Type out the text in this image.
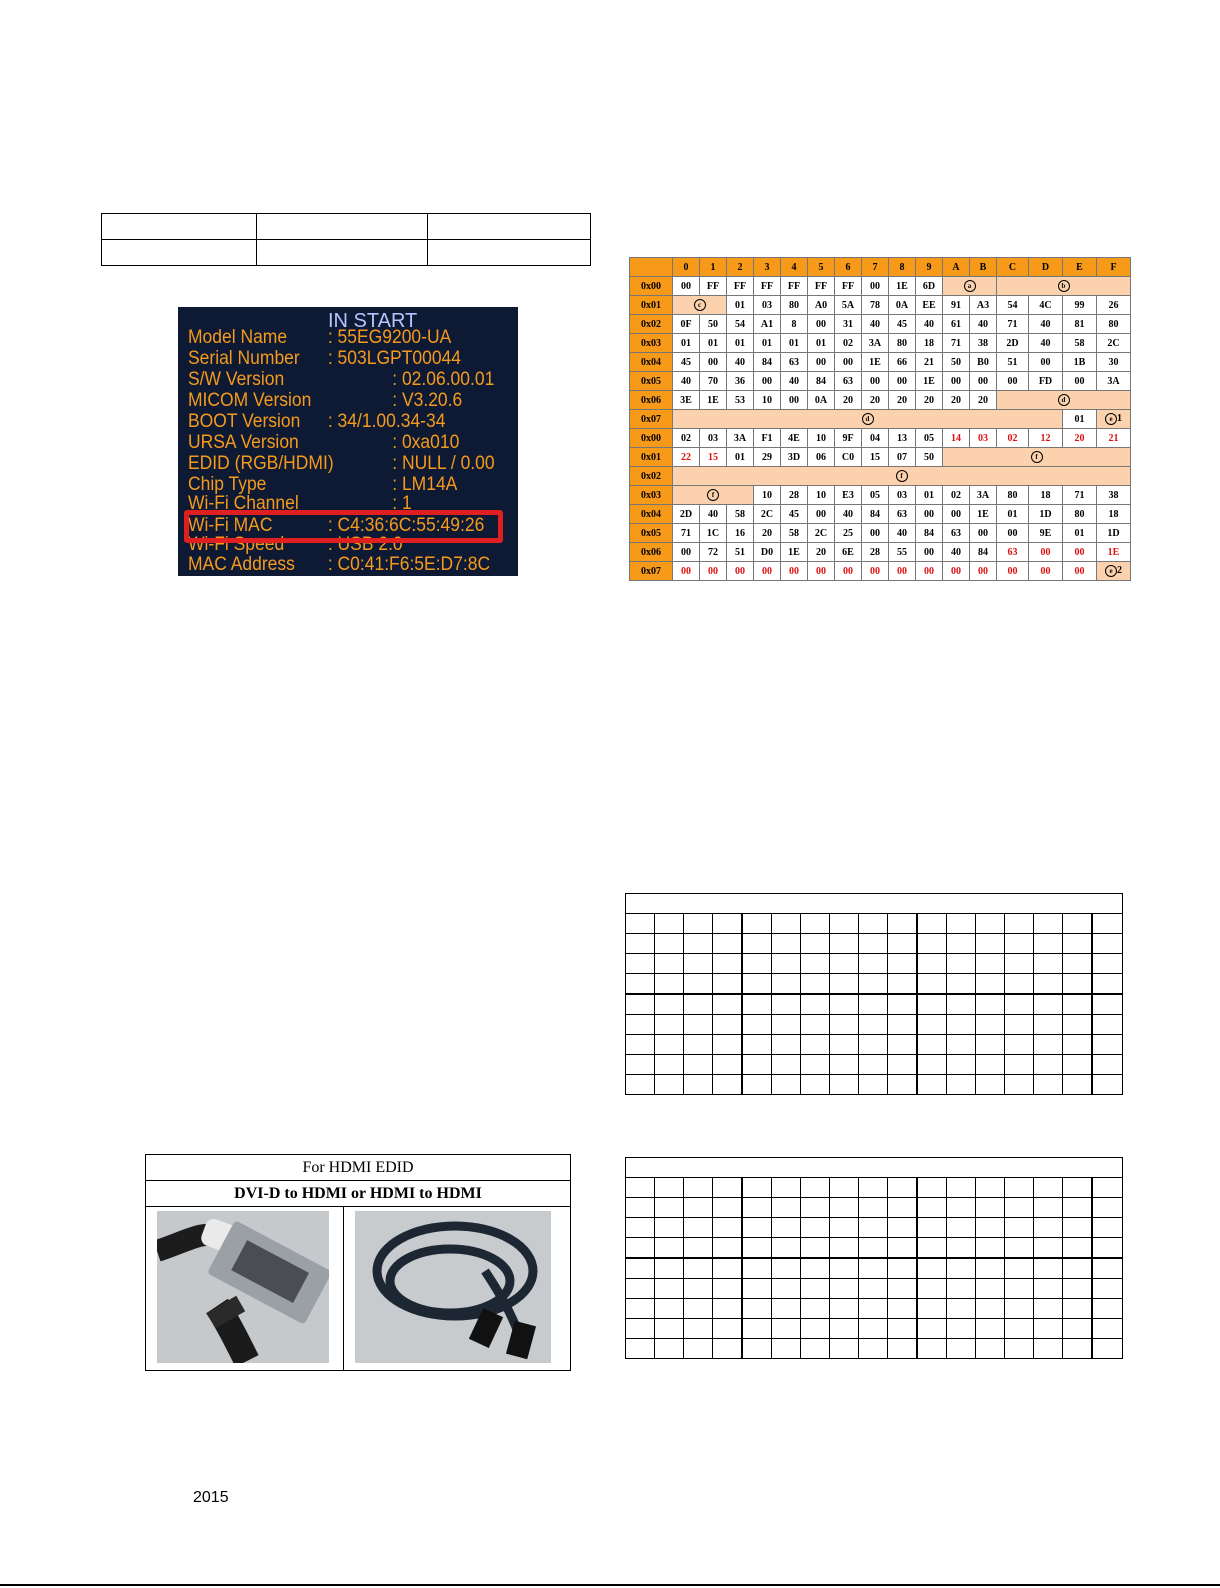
IN START
Model Name : 55EG9200-UA
Serial Number : 503LGPT00044
S/W Version	: 02.06.00.01
MICOM Version	: V3.20.6
BOOT Version : 34/1.00.34-34
URSA Version	: 0xa010
EDID (RGB/HDMI)	: NULL / 0.00
Chip Type	: LM14A
Wi-Fi Channel	: 1
Wi-Fi MAC	: C4:36:6C:55:49:26
Wi-Fi Speed : USB 2.0
MAC Address : C0:41:F6:5E:D7:8C
	0	1	2	3	4	5	6	7	8	9	A	B	C	D	E	F
0x00	00	FF	FF	FF	FF	FF	FF	00	1E	6D	a		b			
0x01	c		01	03	80	A0	5A	78	0A	EE	91	A3	54	4C	99	26
0x02	0F	50	54	A1	8	00	31	40	45	40	61	40	71	40	81	80
0x03	01	01	01	01	01	01	02	3A	80	18	71	38	2D	40	58	2C
0x04	45	00	40	84	63	00	00	1E	66	21	50	B0	51	00	1B	30
0x05	40	70	36	00	40	84	63	00	00	1E	00	00	00	FD	00	3A
0x06	3E	1E	53	10	00	0A	20	20	20	20	20	20	d			
0x07	d														01	e 1
0x00	02	03	3A	F1	4E	10	9F	04	13	05	14	03	02	12	20	21
0x01	22	15	01	29	3D	06	C0	15	07	50	f					
0x02	f															
0x03	f			10	28	10	E3	05	03	01	02	3A	80	18	71	38
0x04	2D	40	58	2C	45	00	40	84	63	00	00	1E	01	1D	80	18
0x05	71	1C	16	20	58	2C	25	00	40	84	63	00	00	9E	01	1D
0x06	00	72	51	D0	1E	20	6E	28	55	00	40	84	63	00	00	1E
0x07	00	00	00	00	00	00	00	00	00	00	00	00	00	00	00	e 2

For HDMI EDID
DVI-D to HDMI or HDMI to HDMI
2015
